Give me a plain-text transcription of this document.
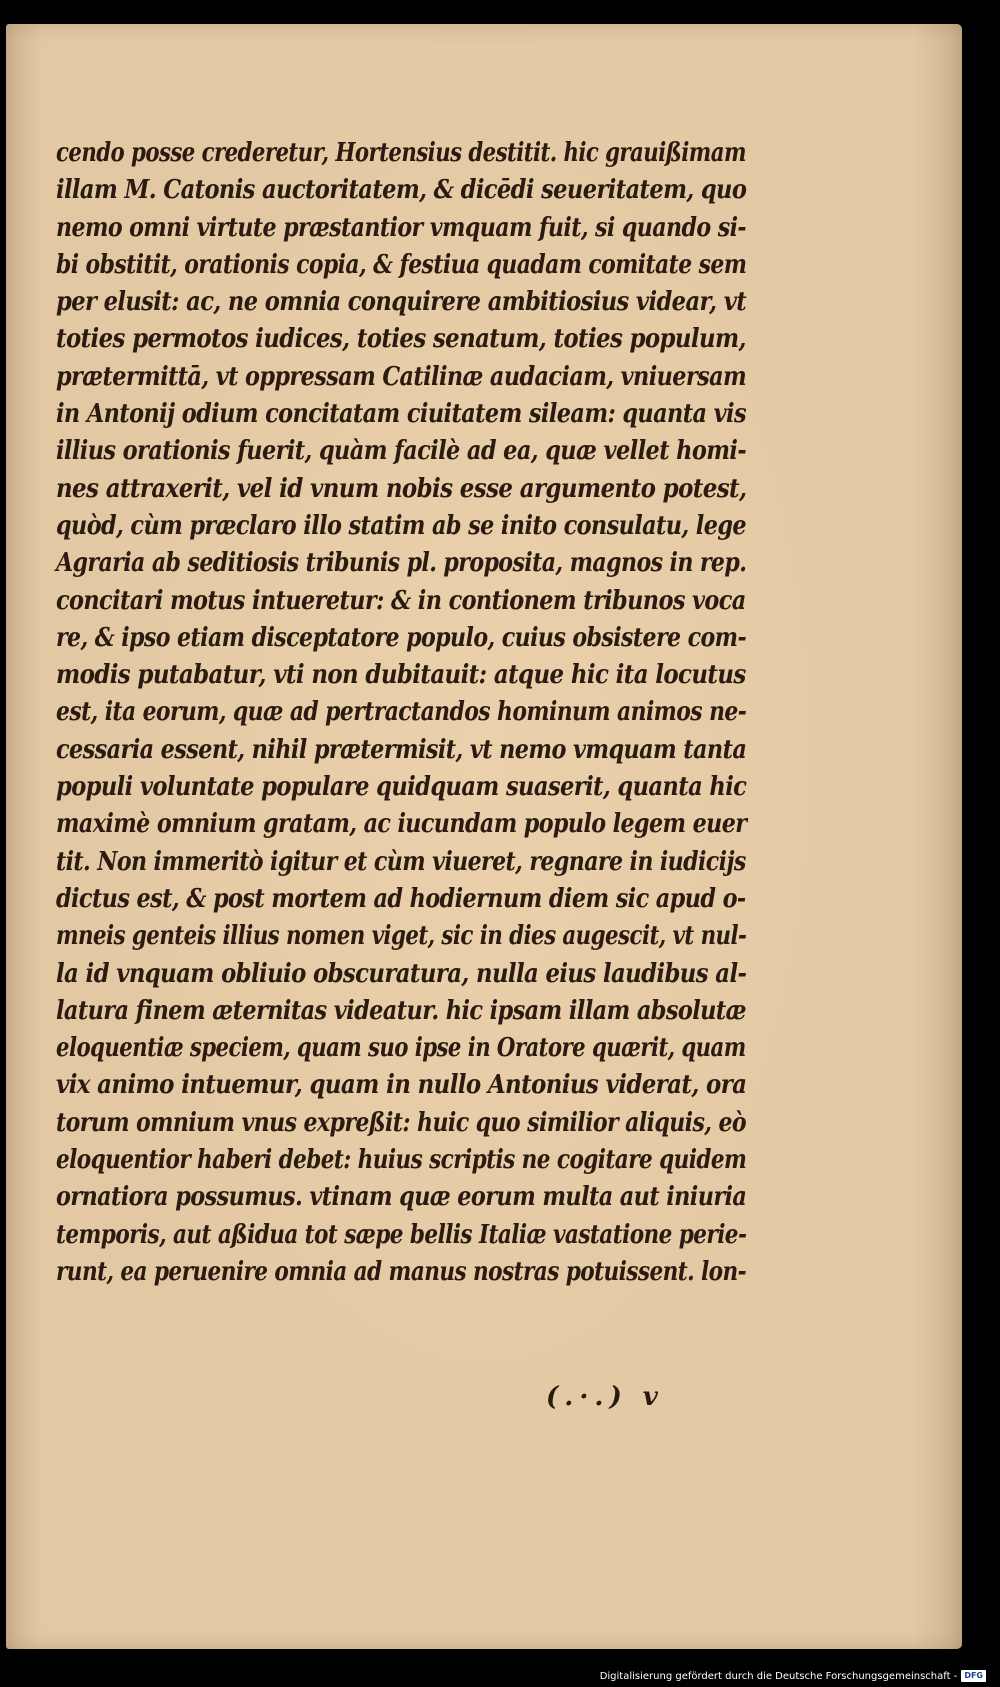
cendo posse crederetur, Hortensius destitit. hic grauißimam
illam M. Catonis auctoritatem, & dicēdi seueritatem, quo
nemo omni virtute præstantior vmquam fuit, si quando si-
bi obstitit, orationis copia, & festiua quadam comitate sem
per elusit: ac, ne omnia conquirere ambitiosius videar, vt
toties permotos iudices, toties senatum, toties populum,
prætermittā, vt oppressam Catilinæ audaciam, vniuersam
in Antonij odium concitatam ciuitatem sileam: quanta vis
illius orationis fuerit, quàm facilè ad ea, quæ vellet homi-
nes attraxerit, vel id vnum nobis esse argumento potest,
quòd, cùm præclaro illo statim ab se inito consulatu, lege
Agraria ab seditiosis tribunis pl. proposita, magnos in rep.
concitari motus intueretur: & in contionem tribunos voca
re, & ipso etiam disceptatore populo, cuius obsistere com-
modis putabatur, vti non dubitauit: atque hic ita locutus
est, ita eorum, quæ ad pertractandos hominum animos ne-
cessaria essent, nihil prætermisit, vt nemo vmquam tanta
populi voluntate populare quidquam suaserit, quanta hic
maximè omnium gratam, ac iucundam populo legem euer
tit. Non immeritò igitur et cùm viueret, regnare in iudicijs
dictus est, & post mortem ad hodiernum diem sic apud o-
mneis genteis illius nomen viget, sic in dies augescit, vt nul-
la id vnquam obliuio obscuratura, nulla eius laudibus al-
latura finem æternitas videatur. hic ipsam illam absolutæ
eloquentiæ speciem, quam suo ipse in Oratore quærit, quam
vix animo intuemur, quam in nullo Antonius viderat, ora
torum omnium vnus expreßit: huic quo similior aliquis, eò
eloquentior haberi debet: huius scriptis ne cogitare quidem
ornatiora possumus. vtinam quæ eorum multa aut iniuria
temporis, aut aßidua tot sæpe bellis Italiæ vastatione perie-
runt, ea peruenire omnia ad manus nostras potuissent. lon-
(.·.) v
Digitalisierung gefördert durch die Deutsche Forschungsgemeinschaft - DFG
